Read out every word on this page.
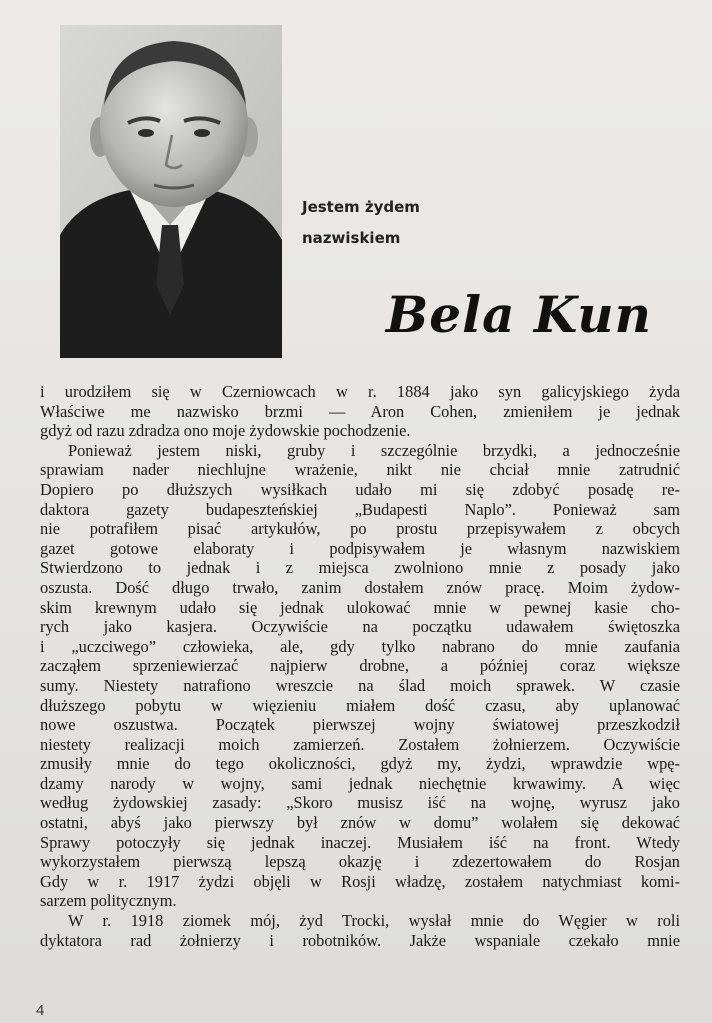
Jestem żydem
nazwiskiem
Bela Kun
i urodziłem się w Czerniowcach w r. 1884 jako syn galicyjskiego żyda
Właściwe me nazwisko brzmi — Aron Cohen, zmieniłem je jednak
gdyż od razu zdradza ono moje żydowskie pochodzenie.
Ponieważ jestem niski, gruby i szczególnie brzydki, a jednocześnie
sprawiam nader niechlujne wrażenie, nikt nie chciał mnie zatrudnić
Dopiero po dłuższych wysiłkach udało mi się zdobyć posadę re-
daktora gazety budapeszteńskiej „Budapesti Naplo”. Ponieważ sam
nie potrafiłem pisać artykułów, po prostu przepisywałem z obcych
gazet gotowe elaboraty i podpisywałem je własnym nazwiskiem
Stwierdzono to jednak i z miejsca zwolniono mnie z posady jako
oszusta. Dość długo trwało, zanim dostałem znów pracę. Moim żydow-
skim krewnym udało się jednak ulokować mnie w pewnej kasie cho-
rych jako kasjera. Oczywiście na początku udawałem świętoszka
i „uczciwego” człowieka, ale, gdy tylko nabrano do mnie zaufania
zacząłem sprzeniewierzać najpierw drobne, a później coraz większe
sumy. Niestety natrafiono wreszcie na ślad moich sprawek. W czasie
dłuższego pobytu w więzieniu miałem dość czasu, aby uplanować
nowe oszustwa. Początek pierwszej wojny światowej przeszkodził
niestety realizacji moich zamierzeń. Zostałem żołnierzem. Oczywiście
zmusiły mnie do tego okoliczności, gdyż my, żydzi, wprawdzie wpę-
dzamy narody w wojny, sami jednak niechętnie krwawimy. A więc
według żydowskiej zasady: „Skoro musisz iść na wojnę, wyrusz jako
ostatni, abyś jako pierwszy był znów w domu” wolałem się dekować
Sprawy potoczyły się jednak inaczej. Musiałem iść na front. Wtedy
wykorzystałem pierwszą lepszą okazję i zdezertowałem do Rosjan
Gdy w r. 1917 żydzi objęli w Rosji władzę, zostałem natychmiast komi-
sarzem politycznym.
W r. 1918 ziomek mój, żyd Trocki, wysłał mnie do Węgier w roli
dyktatora rad żołnierzy i robotników. Jakże wspaniale czekało mnie
4
